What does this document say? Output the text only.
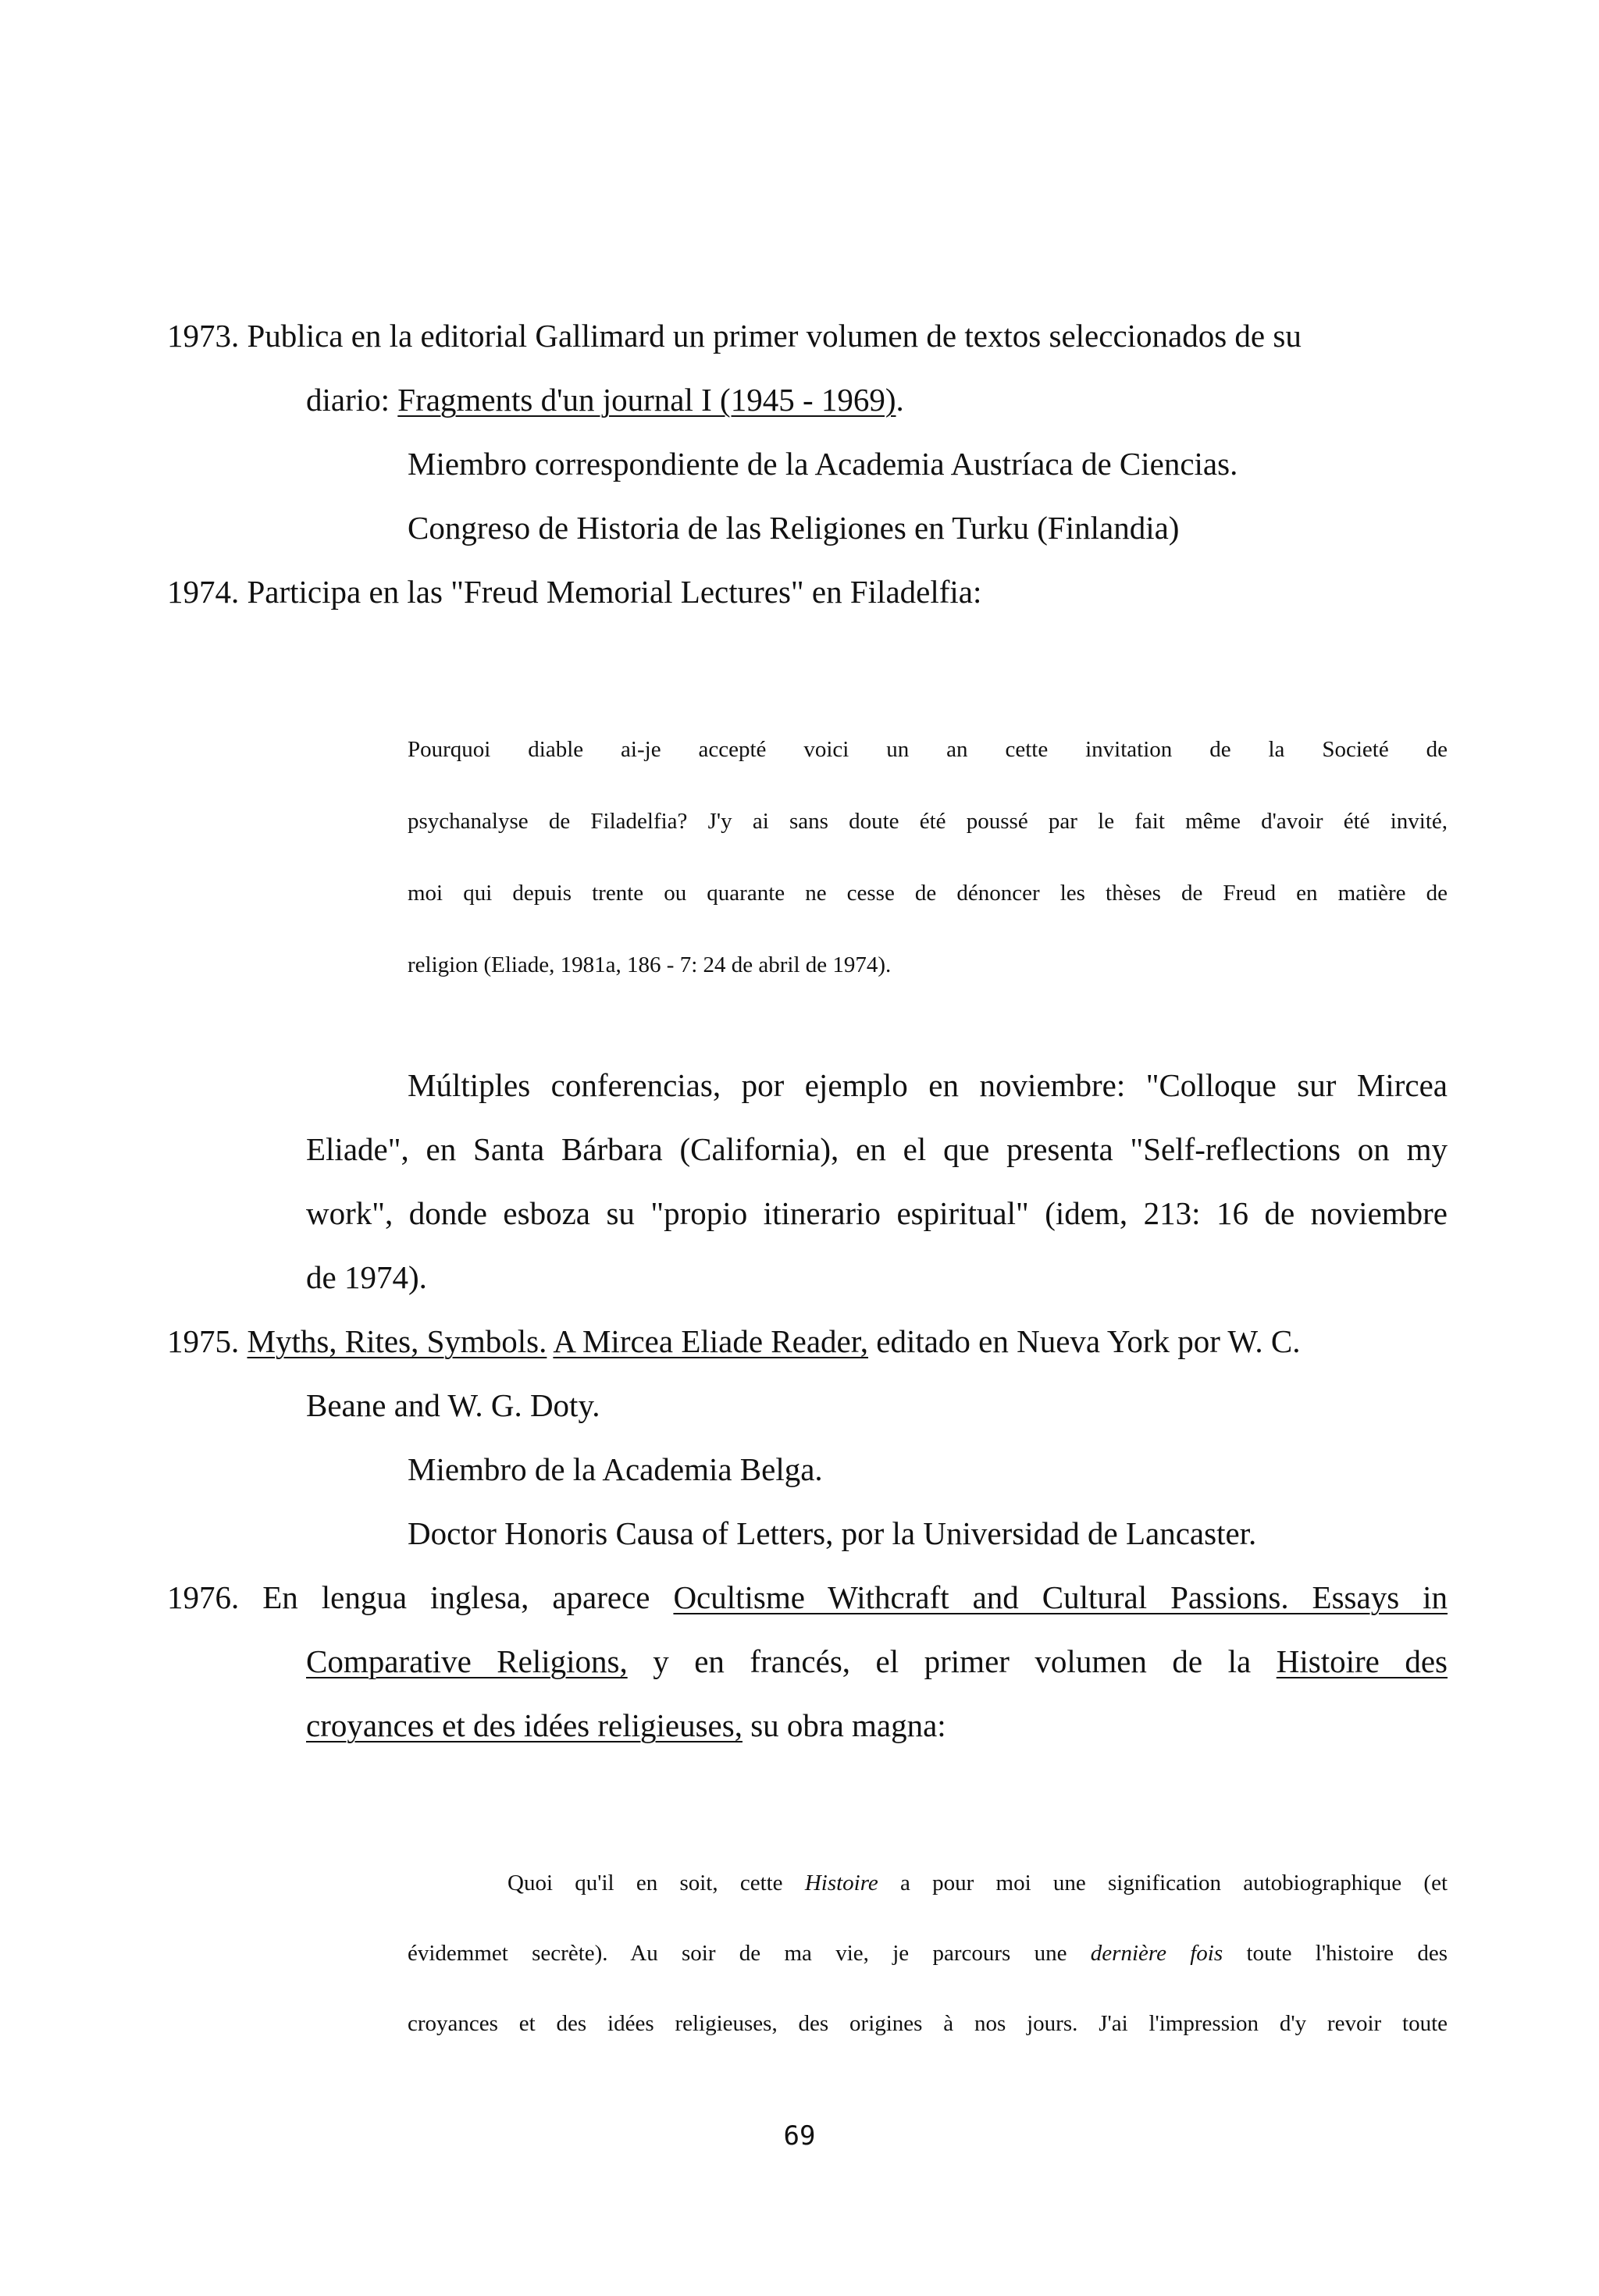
1973. Publica en la editorial Gallimard un primer volumen de textos seleccionados de su
diario: Fragments d'un journal I (1945 - 1969).
Miembro correspondiente de la Academia Austríaca de Ciencias.
Congreso de Historia de las Religiones en Turku (Finlandia)
1974. Participa en las "Freud Memorial Lectures" en Filadelfia:
Pourquoi diable ai-je accepté voici un an cette invitation de la Societé de
psychanalyse de Filadelfia? J'y ai sans doute été poussé par le fait même d'avoir été invité,
moi qui depuis trente ou quarante ne cesse de dénoncer les thèses de Freud en matière de
religion (Eliade, 1981a, 186 - 7: 24 de abril de 1974).
Múltiples conferencias, por ejemplo en noviembre: "Colloque sur Mircea
Eliade", en Santa Bárbara (California), en el que presenta "Self-reflections on my
work", donde esboza su "propio itinerario espiritual" (idem, 213: 16 de noviembre
de 1974).
1975. Myths, Rites, Symbols. A Mircea Eliade Reader, editado en Nueva York por W. C.
Beane and W. G. Doty.
Miembro de la Academia Belga.
Doctor Honoris Causa of Letters, por la Universidad de Lancaster.
1976. En lengua inglesa, aparece Ocultisme Withcraft and Cultural Passions. Essays in
Comparative Religions, y en francés, el primer volumen de la Histoire des
croyances et des idées religieuses, su obra magna:
Quoi qu'il en soit, cette Histoire a pour moi une signification autobiographique (et
évidemmet secrète). Au soir de ma vie, je parcours une dernière fois toute l'histoire des
croyances et des idées religieuses, des origines à nos jours. J'ai l'impression d'y revoir toute
69
